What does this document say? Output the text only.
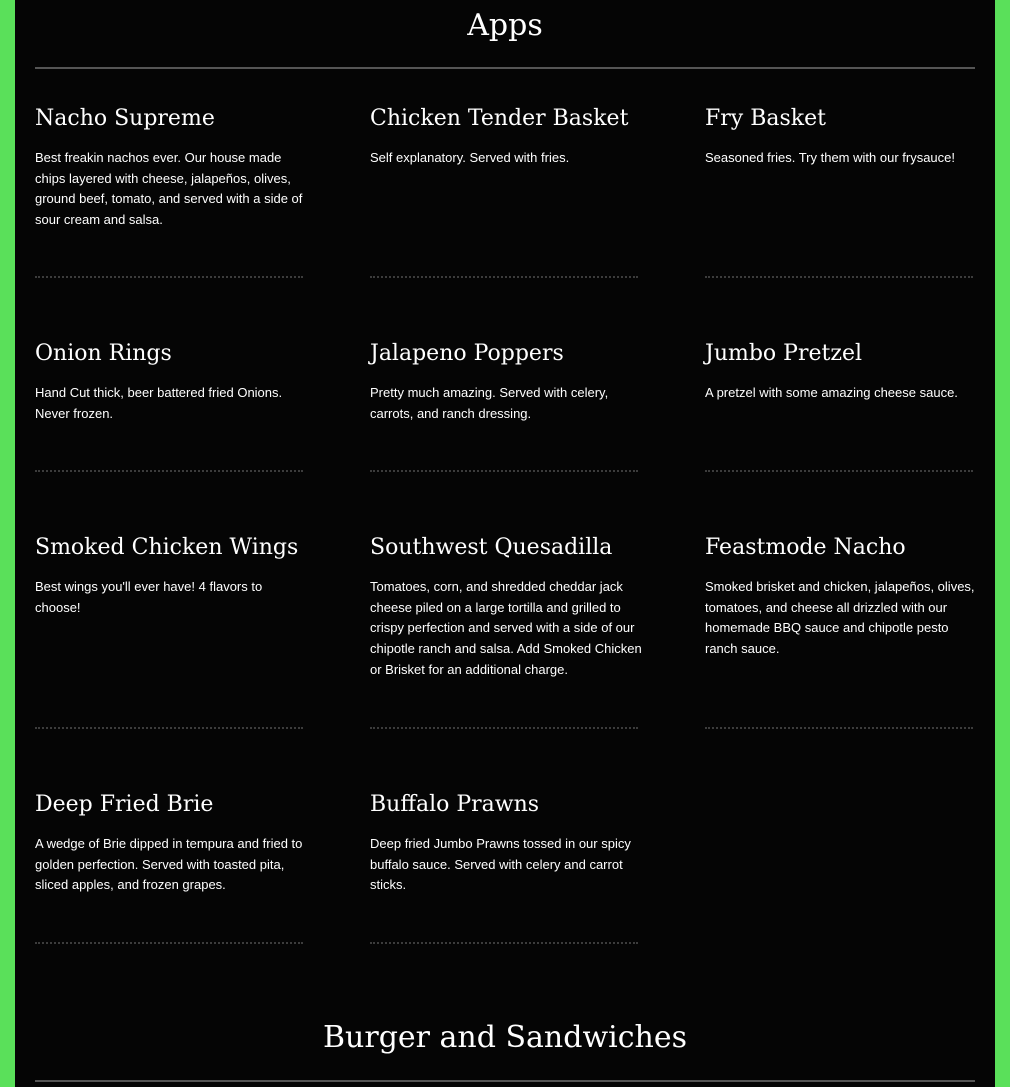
Apps
Nacho Supreme

Best freakin nachos ever. Our house made chips layered with cheese, jalapeños, olives, ground beef, tomato, and served with a side of sour cream and salsa.

Chicken Tender Basket

Self explanatory. Served with fries.

Fry Basket

Seasoned fries. Try them with our frysauce!

Onion Rings

Hand Cut thick, beer battered fried Onions. Never frozen.

Jalapeno Poppers

Pretty much amazing. Served with celery, carrots, and ranch dressing.

Jumbo Pretzel

A pretzel with some amazing cheese sauce.

Smoked Chicken Wings

Best wings you'll ever have! 4 flavors to choose!

Southwest Quesadilla

Tomatoes, corn, and shredded cheddar jack cheese piled on a large tortilla and grilled to crispy perfection and served with a side of our chipotle ranch and salsa. Add Smoked Chicken or Brisket for an additional charge.

Feastmode Nacho

Smoked brisket and chicken, jalapeños, olives, tomatoes, and cheese all drizzled with our homemade BBQ sauce and chipotle pesto ranch sauce.

Deep Fried Brie

A wedge of Brie dipped in tempura and fried to golden perfection. Served with toasted pita, sliced apples, and frozen grapes.

Buffalo Prawns

Deep fried Jumbo Prawns tossed in our spicy buffalo sauce. Served with celery and carrot sticks.

Burger and Sandwiches
